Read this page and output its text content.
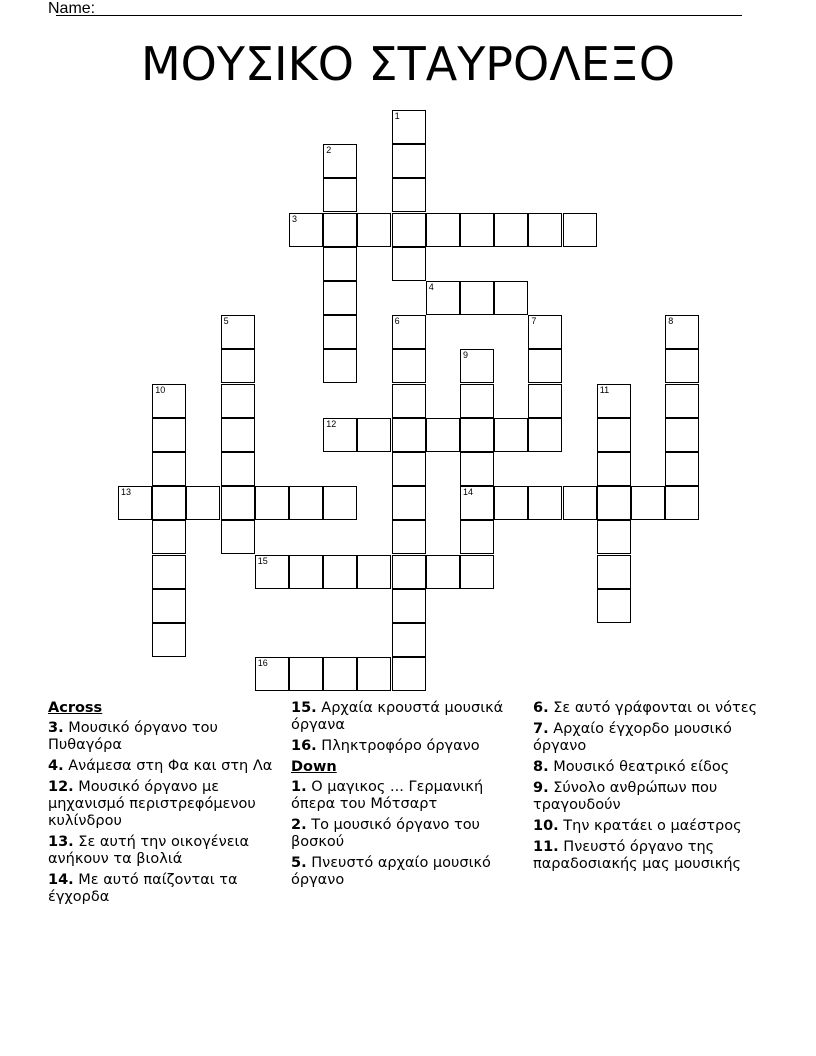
Name:
ΜΟΥΣΙΚΟ ΣΤΑΥΡΟΛΕΞΟ
1
2
3
4
5	6	7	8
9
14
10	11
12
13
15
16
Across
3. Μουσικό όργανο του Πυθαγόρα
4. Ανάμεσα στη Φα και στη Λα
12. Μουσικό όργανο με μηχανισμό περιστρεφόμενου κυλίνδρου
13. Σε αυτή την οικογένεια ανήκουν τα βιολιά
14. Με αυτό παίζονται τα έγχορδα
15. Αρχαία κρουστά μουσικά όργανα
16. Πληκτροφόρο όργανο
Down
1. Ο μαγικος ... Γερμανική όπερα του Μότσαρτ
2. Το μουσικό όργανο του βοσκού
5. Πνευστό αρχαίο μουσικό όργανο
6. Σε αυτό γράφονται οι νότες
7. Αρχαίο έγχορδο μουσικό όργανο
8. Μουσικό θεατρικό είδος
9. Σύνολο ανθρώπων που τραγουδούν
10. Την κρατάει ο μαέστρος
11. Πνευστό όργανο της παραδοσιακής μας μουσικής
